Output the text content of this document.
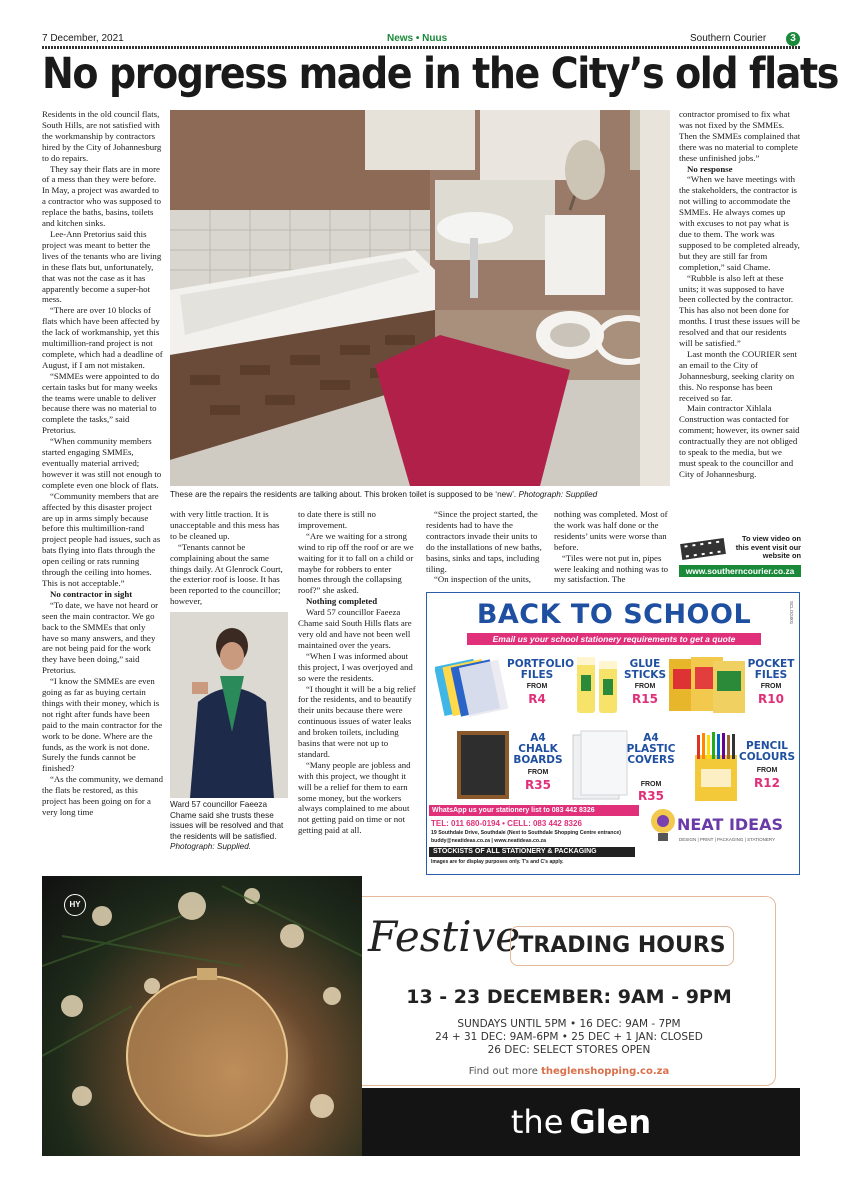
7 December, 2021	News • Nuus	Southern Courier	3
No progress made in the City’s old flats

Residents in the old council flats, South Hills, are not satisfied with the workmanship by contractors hired by the City of Johannesburg to do repairs.

They say their flats are in more of a mess than they were before. In May, a project was awarded to a contractor who was supposed to replace the baths, basins, toilets and kitchen sinks.

Lee-Ann Pretorius said this project was meant to better the lives of the tenants who are living in these flats but, unfortunately, that was not the case as it has apparently become a super-hot mess.

“There are over 10 blocks of flats which have been affected by the lack of workmanship, yet this multimillion-rand project is not complete, which had a deadline of August, if I am not mistaken.

“SMMEs were appointed to do certain tasks but for many weeks the teams were unable to deliver because there was no material to complete the tasks,” said Pretorius.

“When community members started engaging SMMEs, eventually material arrived; however it was still not enough to complete even one block of flats.

“Community members that are affected by this disaster project are up in arms simply because before this multimillion-rand project people had issues, such as bats flying into flats through the open ceiling or rats running through the ceiling into homes. This is not acceptable.”

No contractor in sight

“To date, we have not heard or seen the main contractor. We go back to the SMMEs that only have so many answers, and they are not being paid for the work they have been doing,” said Pretorius.

“I know the SMMEs are even going as far as buying certain things with their money, which is not right after funds have been paid to the main contractor for the work to be done. Where are the funds, as the work is not done. Surely the funds cannot be finished?

“As the community, we demand the flats be restored, as this project has been going on for a very long time

These are the repairs the residents are talking about. This broken toilet is supposed to be ‘new’. Photograph: Supplied

with very little traction. It is unacceptable and this mess has to be cleaned up.

“Tenants cannot be complaining about the same things daily. At Glenrock Court, the exterior roof is loose. It has been reported to the councillor; however,

Ward 57 councillor Faeeza Chame said she trusts these issues will be resolved and that the residents will be satisfied. Photograph: Supplied.

to date there is still no improvement.

“Are we waiting for a strong wind to rip off the roof or are we waiting for it to fall on a child or maybe for robbers to enter homes through the collapsing roof?” she asked.

Nothing completed

Ward 57 councillor Faeeza Chame said South Hills flats are very old and have not been well maintained over the years.

“When I was informed about this project, I was overjoyed and so were the residents.

“I thought it will be a big relief for the residents, and to beautify their units because there were continuous issues of water leaks and broken toilets, including basins that were not up to standard.

“Many people are jobless and with this project, we thought it will be a relief for them to earn some money, but the workers always complained to me about not getting paid on time or not getting paid at all.

“Since the project started, the residents had to have the contractors invade their units to do the installations of new baths, basins, sinks and taps, including tiling.

“On inspection of the units,

nothing was completed. Most of the work was half done or the residents’ units were worse than before.

“Tiles were not put in, pipes were leaking and nothing was to my satisfaction. The

contractor promised to fix what was not fixed by the SMMEs. Then the SMMEs complained that there was no material to complete these unfinished jobs.”

No response

“When we have meetings with the stakeholders, the contractor is not willing to accommodate the SMMEs. He always comes up with excuses to not pay what is due to them. The work was supposed to be completed already, but they are still far from completion,” said Chame.

“Rubble is also left at these units; it was supposed to have been collected by the contractor. This has also not been done for months. I trust these issues will be resolved and that our residents will be satisfied.”

Last month the COURIER sent an email to the City of Johannesburg, seeking clarity on this. No response has been received so far.

Main contractor Xihlala Construction was contacted for comment; however, its owner said contractually they are not obliged to speak to the media, but we must speak to the councillor and City of Johannesburg.

To view video on this event visit our website on
www.southerncourier.co.za
BACK TO SCHOOL	SCLOG001
Email us your school stationery requirements to get a quote
PORTFOLIO
FILES
FROM
R4
GLUE
STICKS
FROM
R15
POCKET
FILES
FROM
R10
A4
CHALK
BOARDS
FROM
R35
A4
PLASTIC
COVERS
FROM
R35
PENCIL
COLOURS
FROM
R12
WhatsApp us your stationery list to 083 442 8326
TEL: 011 680-0194 • CELL: 083 442 8326
19 Southdale Drive, Southdale (Next to Southdale Shopping Centre entrance)
buddy@neatideas.co.za | www.neatideas.co.za
STOCKISTS OF ALL STATIONERY & PACKAGING
Images are for display purposes only. T’s and C’s apply.
NEAT IDEAS
DESIGN | PRINT | PACKAGING | STATIONERY
HY
Festive
TRADING HOURS
13 - 23 DECEMBER: 9AM - 9PM
SUNDAYS UNTIL 5PM • 16 DEC: 9AM - 7PM
24 + 31 DEC: 9AM-6PM • 25 DEC + 1 JAN: CLOSED
26 DEC: SELECT STORES OPEN
Find out more theglenshopping.co.za
the Glen
